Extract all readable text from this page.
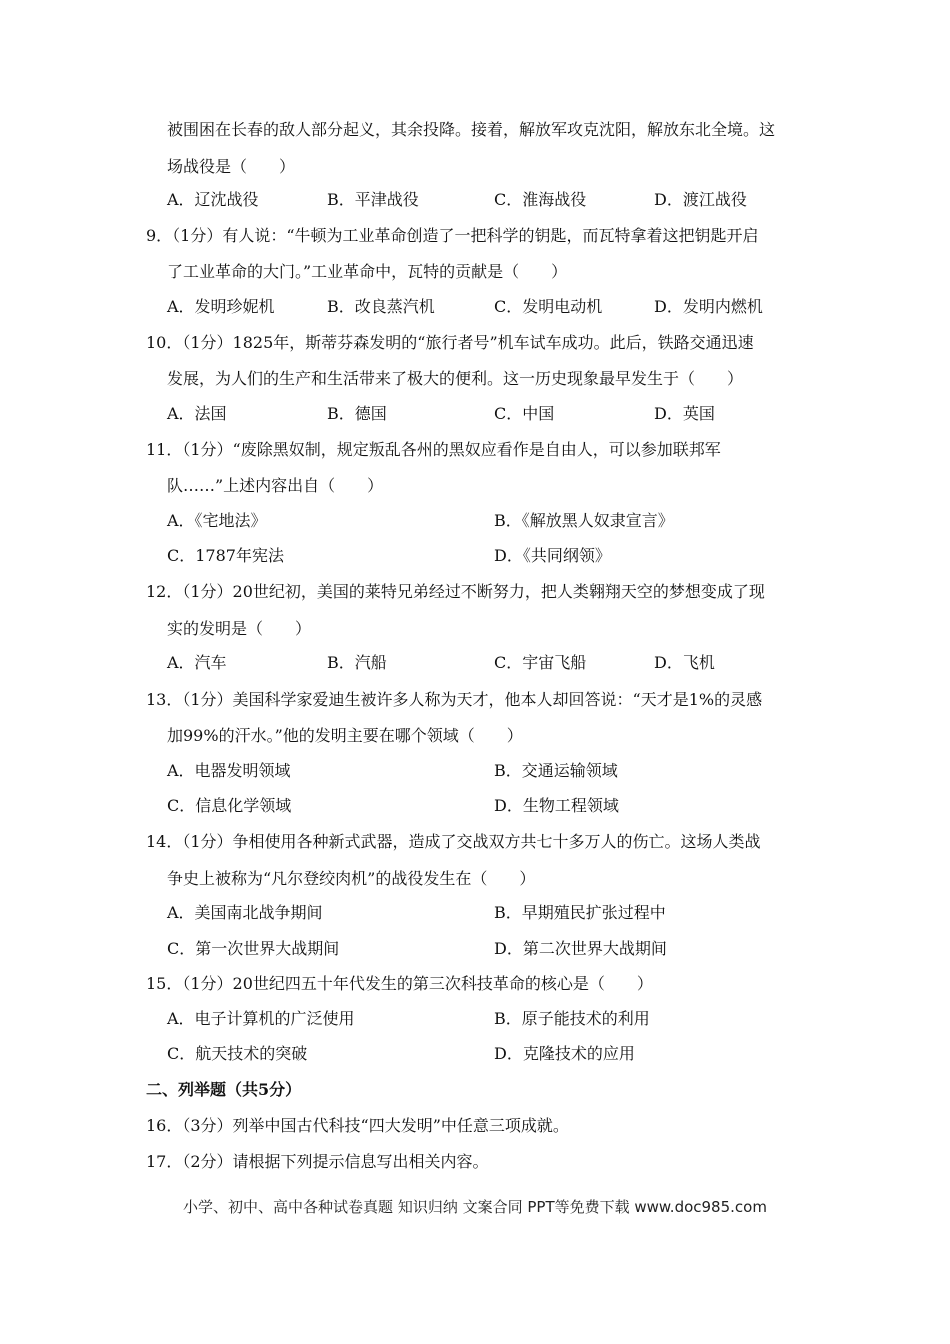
被围困在长春的敌人部分起义，其余投降。接着，解放军攻克沈阳，解放东北全境。这
场战役是（　　）
A．辽沈战役	B．平津战役	C．淮海战役	D．渡江战役
9．（1分）有人说：“牛顿为工业革命创造了一把科学的钥匙，而瓦特拿着这把钥匙开启
了工业革命的大门。”工业革命中，瓦特的贡献是（　　）
A．发明珍妮机	B．改良蒸汽机	C．发明电动机	D．发明内燃机
10．（1分）1825年，斯蒂芬森发明的“旅行者号”机车试车成功。此后，铁路交通迅速
发展，为人们的生产和生活带来了极大的便利。这一历史现象最早发生于（　　）
A．法国	B．德国	C．中国	D．英国
11．（1分）“废除黑奴制，规定叛乱各州的黑奴应看作是自由人，可以参加联邦军
队……”上述内容出自（　　）
A．《宅地法》	B．《解放黑人奴隶宣言》
C．1787年宪法	D．《共同纲领》
12．（1分）20世纪初，美国的莱特兄弟经过不断努力，把人类翱翔天空的梦想变成了现
实的发明是（　　）
A．汽车	B．汽船	C．宇宙飞船	D．飞机
13．（1分）美国科学家爱迪生被许多人称为天才，他本人却回答说：“天才是1%的灵感
加99%的汗水。”他的发明主要在哪个领域（　　）
A．电器发明领域	B．交通运输领域
C．信息化学领域	D．生物工程领域
14．（1分）争相使用各种新式武器，造成了交战双方共七十多万人的伤亡。这场人类战
争史上被称为“凡尔登绞肉机”的战役发生在（　　）
A．美国南北战争期间	B．早期殖民扩张过程中
C．第一次世界大战期间	D．第二次世界大战期间
15．（1分）20世纪四五十年代发生的第三次科技革命的核心是（　　）
A．电子计算机的广泛使用	B．原子能技术的利用
C．航天技术的突破	D．克隆技术的应用
二、列举题（共5分）
16．（3分）列举中国古代科技“四大发明”中任意三项成就。
17．（2分）请根据下列提示信息写出相关内容。
小学、初中、高中各种试卷真题 知识归纳 文案合同 PPT等免费下载 www.doc985.com
